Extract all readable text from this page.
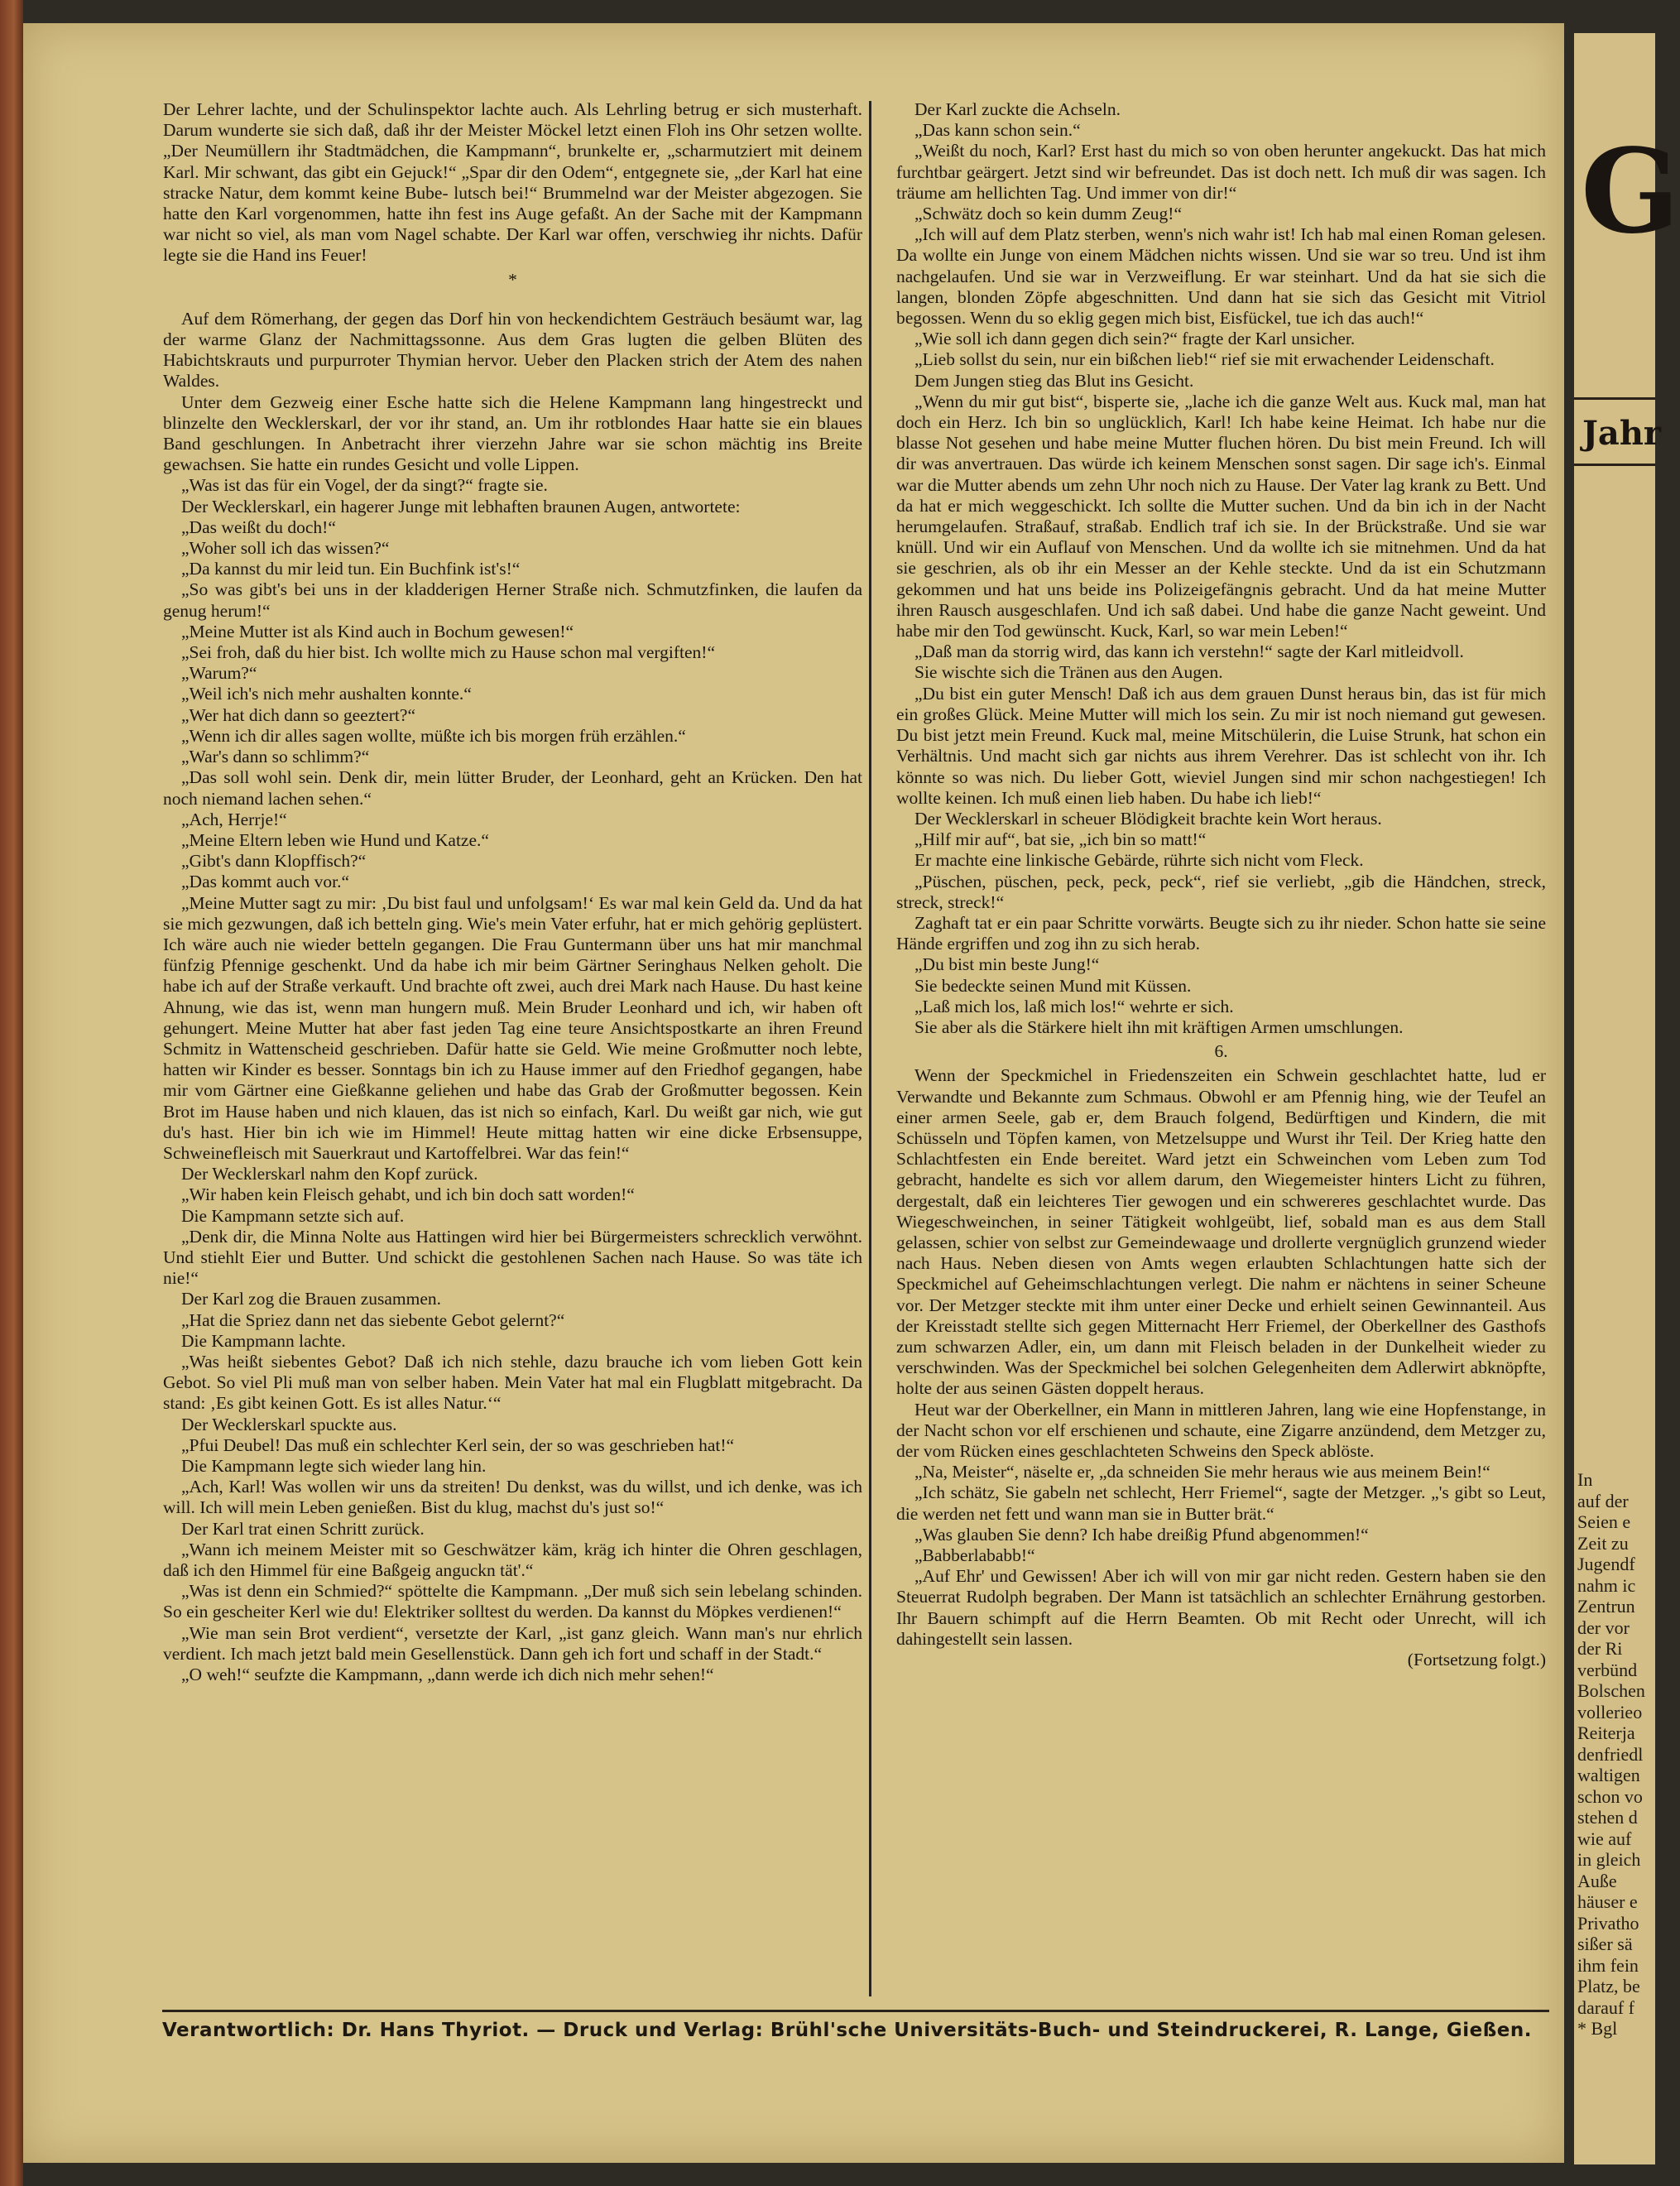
Der Lehrer lachte, und der Schulinspektor lachte auch. Als Lehrling betrug er sich musterhaft. Darum wunderte sie sich daß, daß ihr der Meister Möckel letzt einen Floh ins Ohr setzen wollte. „Der Neumüllern ihr Stadtmädchen, die Kampmann“, brunkelte er, „scharmutziert mit deinem Karl. Mir schwant, das gibt ein Gejuck!“ „Spar dir den Odem“, entgegnete sie, „der Karl hat eine stracke Natur, dem kommt keine Bube- lutsch bei!“ Brummelnd war der Meister abgezogen. Sie hatte den Karl vorgenommen, hatte ihn fest ins Auge gefaßt. An der Sache mit der Kampmann war nicht so viel, als man vom Nagel schabte. Der Karl war offen, verschwieg ihr nichts. Dafür legte sie die Hand ins Feuer!

*

Auf dem Römerhang, der gegen das Dorf hin von heckendichtem Gesträuch besäumt war, lag der warme Glanz der Nachmittagssonne. Aus dem Gras lugten die gelben Blüten des Habichtskrauts und purpurroter Thymian hervor. Ueber den Placken strich der Atem des nahen Waldes.

Unter dem Gezweig einer Esche hatte sich die Helene Kampmann lang hingestreckt und blinzelte den Wecklerskarl, der vor ihr stand, an. Um ihr rotblondes Haar hatte sie ein blaues Band geschlungen. In Anbetracht ihrer vierzehn Jahre war sie schon mächtig ins Breite gewachsen. Sie hatte ein rundes Gesicht und volle Lippen.

„Was ist das für ein Vogel, der da singt?“ fragte sie.

Der Wecklerskarl, ein hagerer Junge mit lebhaften braunen Augen, antwortete:

„Das weißt du doch!“

„Woher soll ich das wissen?“

„Da kannst du mir leid tun. Ein Buchfink ist's!“

„So was gibt's bei uns in der kladderigen Herner Straße nich. Schmutzfinken, die laufen da genug herum!“

„Meine Mutter ist als Kind auch in Bochum gewesen!“

„Sei froh, daß du hier bist. Ich wollte mich zu Hause schon mal vergiften!“

„Warum?“

„Weil ich's nich mehr aushalten konnte.“

„Wer hat dich dann so geeztert?“

„Wenn ich dir alles sagen wollte, müßte ich bis morgen früh erzählen.“

„War's dann so schlimm?“

„Das soll wohl sein. Denk dir, mein lütter Bruder, der Leonhard, geht an Krücken. Den hat noch niemand lachen sehen.“

„Ach, Herrje!“

„Meine Eltern leben wie Hund und Katze.“

„Gibt's dann Klopffisch?“

„Das kommt auch vor.“

„Meine Mutter sagt zu mir: ‚Du bist faul und unfolgsam!‘ Es war mal kein Geld da. Und da hat sie mich gezwungen, daß ich betteln ging. Wie's mein Vater erfuhr, hat er mich gehörig geplüstert. Ich wäre auch nie wieder betteln gegangen. Die Frau Guntermann über uns hat mir manchmal fünfzig Pfennige geschenkt. Und da habe ich mir beim Gärtner Seringhaus Nelken geholt. Die habe ich auf der Straße verkauft. Und brachte oft zwei, auch drei Mark nach Hause. Du hast keine Ahnung, wie das ist, wenn man hungern muß. Mein Bruder Leonhard und ich, wir haben oft gehungert. Meine Mutter hat aber fast jeden Tag eine teure Ansichtspostkarte an ihren Freund Schmitz in Wattenscheid geschrieben. Dafür hatte sie Geld. Wie meine Großmutter noch lebte, hatten wir Kinder es besser. Sonntags bin ich zu Hause immer auf den Friedhof gegangen, habe mir vom Gärtner eine Gießkanne geliehen und habe das Grab der Großmutter begossen. Kein Brot im Hause haben und nich klauen, das ist nich so einfach, Karl. Du weißt gar nich, wie gut du's hast. Hier bin ich wie im Himmel! Heute mittag hatten wir eine dicke Erbsensuppe, Schweinefleisch mit Sauerkraut und Kartoffelbrei. War das fein!“

Der Wecklerskarl nahm den Kopf zurück.

„Wir haben kein Fleisch gehabt, und ich bin doch satt worden!“

Die Kampmann setzte sich auf.

„Denk dir, die Minna Nolte aus Hattingen wird hier bei Bürgermeisters schrecklich verwöhnt. Und stiehlt Eier und Butter. Und schickt die gestohlenen Sachen nach Hause. So was täte ich nie!“

Der Karl zog die Brauen zusammen.

„Hat die Spriez dann net das siebente Gebot gelernt?“

Die Kampmann lachte.

„Was heißt siebentes Gebot? Daß ich nich stehle, dazu brauche ich vom lieben Gott kein Gebot. So viel Pli muß man von selber haben. Mein Vater hat mal ein Flugblatt mitgebracht. Da stand: ‚Es gibt keinen Gott. Es ist alles Natur.‘“

Der Wecklerskarl spuckte aus.

„Pfui Deubel! Das muß ein schlechter Kerl sein, der so was geschrieben hat!“

Die Kampmann legte sich wieder lang hin.

„Ach, Karl! Was wollen wir uns da streiten! Du denkst, was du willst, und ich denke, was ich will. Ich will mein Leben genießen. Bist du klug, machst du's just so!“

Der Karl trat einen Schritt zurück.

„Wann ich meinem Meister mit so Geschwätzer käm, kräg ich hinter die Ohren geschlagen, daß ich den Himmel für eine Baßgeig anguckn tät'.“

„Was ist denn ein Schmied?“ spöttelte die Kampmann. „Der muß sich sein lebelang schinden. So ein gescheiter Kerl wie du! Elektriker solltest du werden. Da kannst du Möpkes verdienen!“

„Wie man sein Brot verdient“, versetzte der Karl, „ist ganz gleich. Wann man's nur ehrlich verdient. Ich mach jetzt bald mein Gesellenstück. Dann geh ich fort und schaff in der Stadt.“

„O weh!“ seufzte die Kampmann, „dann werde ich dich nich mehr sehen!“

Der Karl zuckte die Achseln.

„Das kann schon sein.“

„Weißt du noch, Karl? Erst hast du mich so von oben herunter angekuckt. Das hat mich furchtbar geärgert. Jetzt sind wir befreundet. Das ist doch nett. Ich muß dir was sagen. Ich träume am hellichten Tag. Und immer von dir!“

„Schwätz doch so kein dumm Zeug!“

„Ich will auf dem Platz sterben, wenn's nich wahr ist! Ich hab mal einen Roman gelesen. Da wollte ein Junge von einem Mädchen nichts wissen. Und sie war so treu. Und ist ihm nachgelaufen. Und sie war in Verzweiflung. Er war steinhart. Und da hat sie sich die langen, blonden Zöpfe abgeschnitten. Und dann hat sie sich das Gesicht mit Vitriol begossen. Wenn du so eklig gegen mich bist, Eisfückel, tue ich das auch!“

„Wie soll ich dann gegen dich sein?“ fragte der Karl unsicher.

„Lieb sollst du sein, nur ein bißchen lieb!“ rief sie mit erwachender Leidenschaft.

Dem Jungen stieg das Blut ins Gesicht.

„Wenn du mir gut bist“, bisperte sie, „lache ich die ganze Welt aus. Kuck mal, man hat doch ein Herz. Ich bin so unglücklich, Karl! Ich habe keine Heimat. Ich habe nur die blasse Not gesehen und habe meine Mutter fluchen hören. Du bist mein Freund. Ich will dir was anvertrauen. Das würde ich keinem Menschen sonst sagen. Dir sage ich's. Einmal war die Mutter abends um zehn Uhr noch nich zu Hause. Der Vater lag krank zu Bett. Und da hat er mich weggeschickt. Ich sollte die Mutter suchen. Und da bin ich in der Nacht herumgelaufen. Straßauf, straßab. Endlich traf ich sie. In der Brückstraße. Und sie war knüll. Und wir ein Auflauf von Menschen. Und da wollte ich sie mitnehmen. Und da hat sie geschrien, als ob ihr ein Messer an der Kehle steckte. Und da ist ein Schutzmann gekommen und hat uns beide ins Polizeigefängnis gebracht. Und da hat meine Mutter ihren Rausch ausgeschlafen. Und ich saß dabei. Und habe die ganze Nacht geweint. Und habe mir den Tod gewünscht. Kuck, Karl, so war mein Leben!“

„Daß man da storrig wird, das kann ich verstehn!“ sagte der Karl mitleidvoll.

Sie wischte sich die Tränen aus den Augen.

„Du bist ein guter Mensch! Daß ich aus dem grauen Dunst heraus bin, das ist für mich ein großes Glück. Meine Mutter will mich los sein. Zu mir ist noch niemand gut gewesen. Du bist jetzt mein Freund. Kuck mal, meine Mitschülerin, die Luise Strunk, hat schon ein Verhältnis. Und macht sich gar nichts aus ihrem Verehrer. Das ist schlecht von ihr. Ich könnte so was nich. Du lieber Gott, wieviel Jungen sind mir schon nachgestiegen! Ich wollte keinen. Ich muß einen lieb haben. Du habe ich lieb!“

Der Wecklerskarl in scheuer Blödigkeit brachte kein Wort heraus.

„Hilf mir auf“, bat sie, „ich bin so matt!“

Er machte eine linkische Gebärde, rührte sich nicht vom Fleck.

„Püschen, püschen, peck, peck, peck“, rief sie verliebt, „gib die Händchen, streck, streck, streck!“

Zaghaft tat er ein paar Schritte vorwärts. Beugte sich zu ihr nieder. Schon hatte sie seine Hände ergriffen und zog ihn zu sich herab.

„Du bist min beste Jung!“

Sie bedeckte seinen Mund mit Küssen.

„Laß mich los, laß mich los!“ wehrte er sich.

Sie aber als die Stärkere hielt ihn mit kräftigen Armen umschlungen.

6.

Wenn der Speckmichel in Friedenszeiten ein Schwein geschlachtet hatte, lud er Verwandte und Bekannte zum Schmaus. Obwohl er am Pfennig hing, wie der Teufel an einer armen Seele, gab er, dem Brauch folgend, Bedürftigen und Kindern, die mit Schüsseln und Töpfen kamen, von Metzelsuppe und Wurst ihr Teil. Der Krieg hatte den Schlachtfesten ein Ende bereitet. Ward jetzt ein Schweinchen vom Leben zum Tod gebracht, handelte es sich vor allem darum, den Wiegemeister hinters Licht zu führen, dergestalt, daß ein leichteres Tier gewogen und ein schwereres geschlachtet wurde. Das Wiegeschweinchen, in seiner Tätigkeit wohlgeübt, lief, sobald man es aus dem Stall gelassen, schier von selbst zur Gemeindewaage und drollerte vergnüglich grunzend wieder nach Haus. Neben diesen von Amts wegen erlaubten Schlachtungen hatte sich der Speckmichel auf Geheimschlachtungen verlegt. Die nahm er nächtens in seiner Scheune vor. Der Metzger steckte mit ihm unter einer Decke und erhielt seinen Gewinnanteil. Aus der Kreisstadt stellte sich gegen Mitternacht Herr Friemel, der Oberkellner des Gasthofs zum schwarzen Adler, ein, um dann mit Fleisch beladen in der Dunkelheit wieder zu verschwinden. Was der Speckmichel bei solchen Gelegenheiten dem Adlerwirt abknöpfte, holte der aus seinen Gästen doppelt heraus.

Heut war der Oberkellner, ein Mann in mittleren Jahren, lang wie eine Hopfenstange, in der Nacht schon vor elf erschienen und schaute, eine Zigarre anzündend, dem Metzger zu, der vom Rücken eines geschlachteten Schweins den Speck ablöste.

„Na, Meister“, näselte er, „da schneiden Sie mehr heraus wie aus meinem Bein!“

„Ich schätz, Sie gabeln net schlecht, Herr Friemel“, sagte der Metzger. „'s gibt so Leut, die werden net fett und wann man sie in Butter brät.“

„Was glauben Sie denn? Ich habe dreißig Pfund abgenommen!“

„Babberlababb!“

„Auf Ehr' und Gewissen! Aber ich will von mir gar nicht reden. Gestern haben sie den Steuerrat Rudolph begraben. Der Mann ist tatsächlich an schlechter Ernährung gestorben. Ihr Bauern schimpft auf die Herrn Beamten. Ob mit Recht oder Unrecht, will ich dahingestellt sein lassen.

(Fortsetzung folgt.)
Verantwortlich: Dr. Hans Thyriot. — Druck und Verlag: Brühl'sche Universitäts-Buch- und Steindruckerei, R. Lange, Gießen.
G
Jahr
In
auf der
Seien e
Zeit zu
Jugendf
nahm ic
Zentrun
der vor
der Ri
verbünd
Bolschen
vollerieo
Reiterja
denfriedl
waltigen
schon vo
stehen d
wie auf
in gleich
Auße
häuser e
Privatho
sißer sä
ihm fein
Platz, be
darauf f
* Bgl
